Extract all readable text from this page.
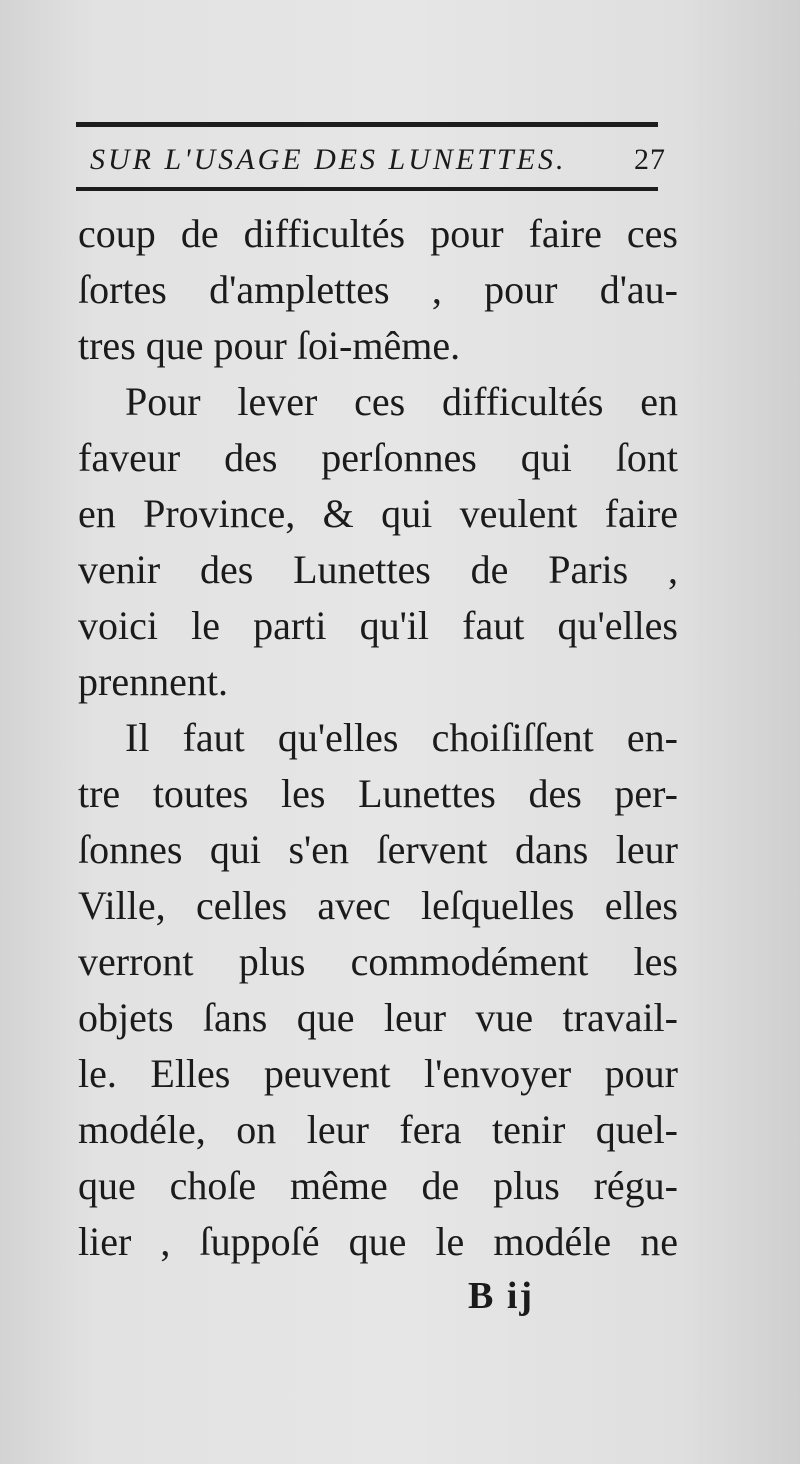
SUR L'USAGE DES LUNETTES. 27
coup de difficultés pour faire ces
ſortes d'amplettes , pour d'au-
tres que pour ſoi-même.
Pour lever ces difficultés en
faveur des perſonnes qui ſont
en Province, & qui veulent faire
venir des Lunettes de Paris ,
voici le parti qu'il faut qu'elles
prennent.
Il faut qu'elles choiſiſſent en-
tre toutes les Lunettes des per-
ſonnes qui s'en ſervent dans leur
Ville, celles avec leſquelles elles
verront plus commodément les
objets ſans que leur vue travail-
le. Elles peuvent l'envoyer pour
modéle, on leur fera tenir quel-
que choſe même de plus régu-
lier , ſuppoſé que le modéle ne
B ij
